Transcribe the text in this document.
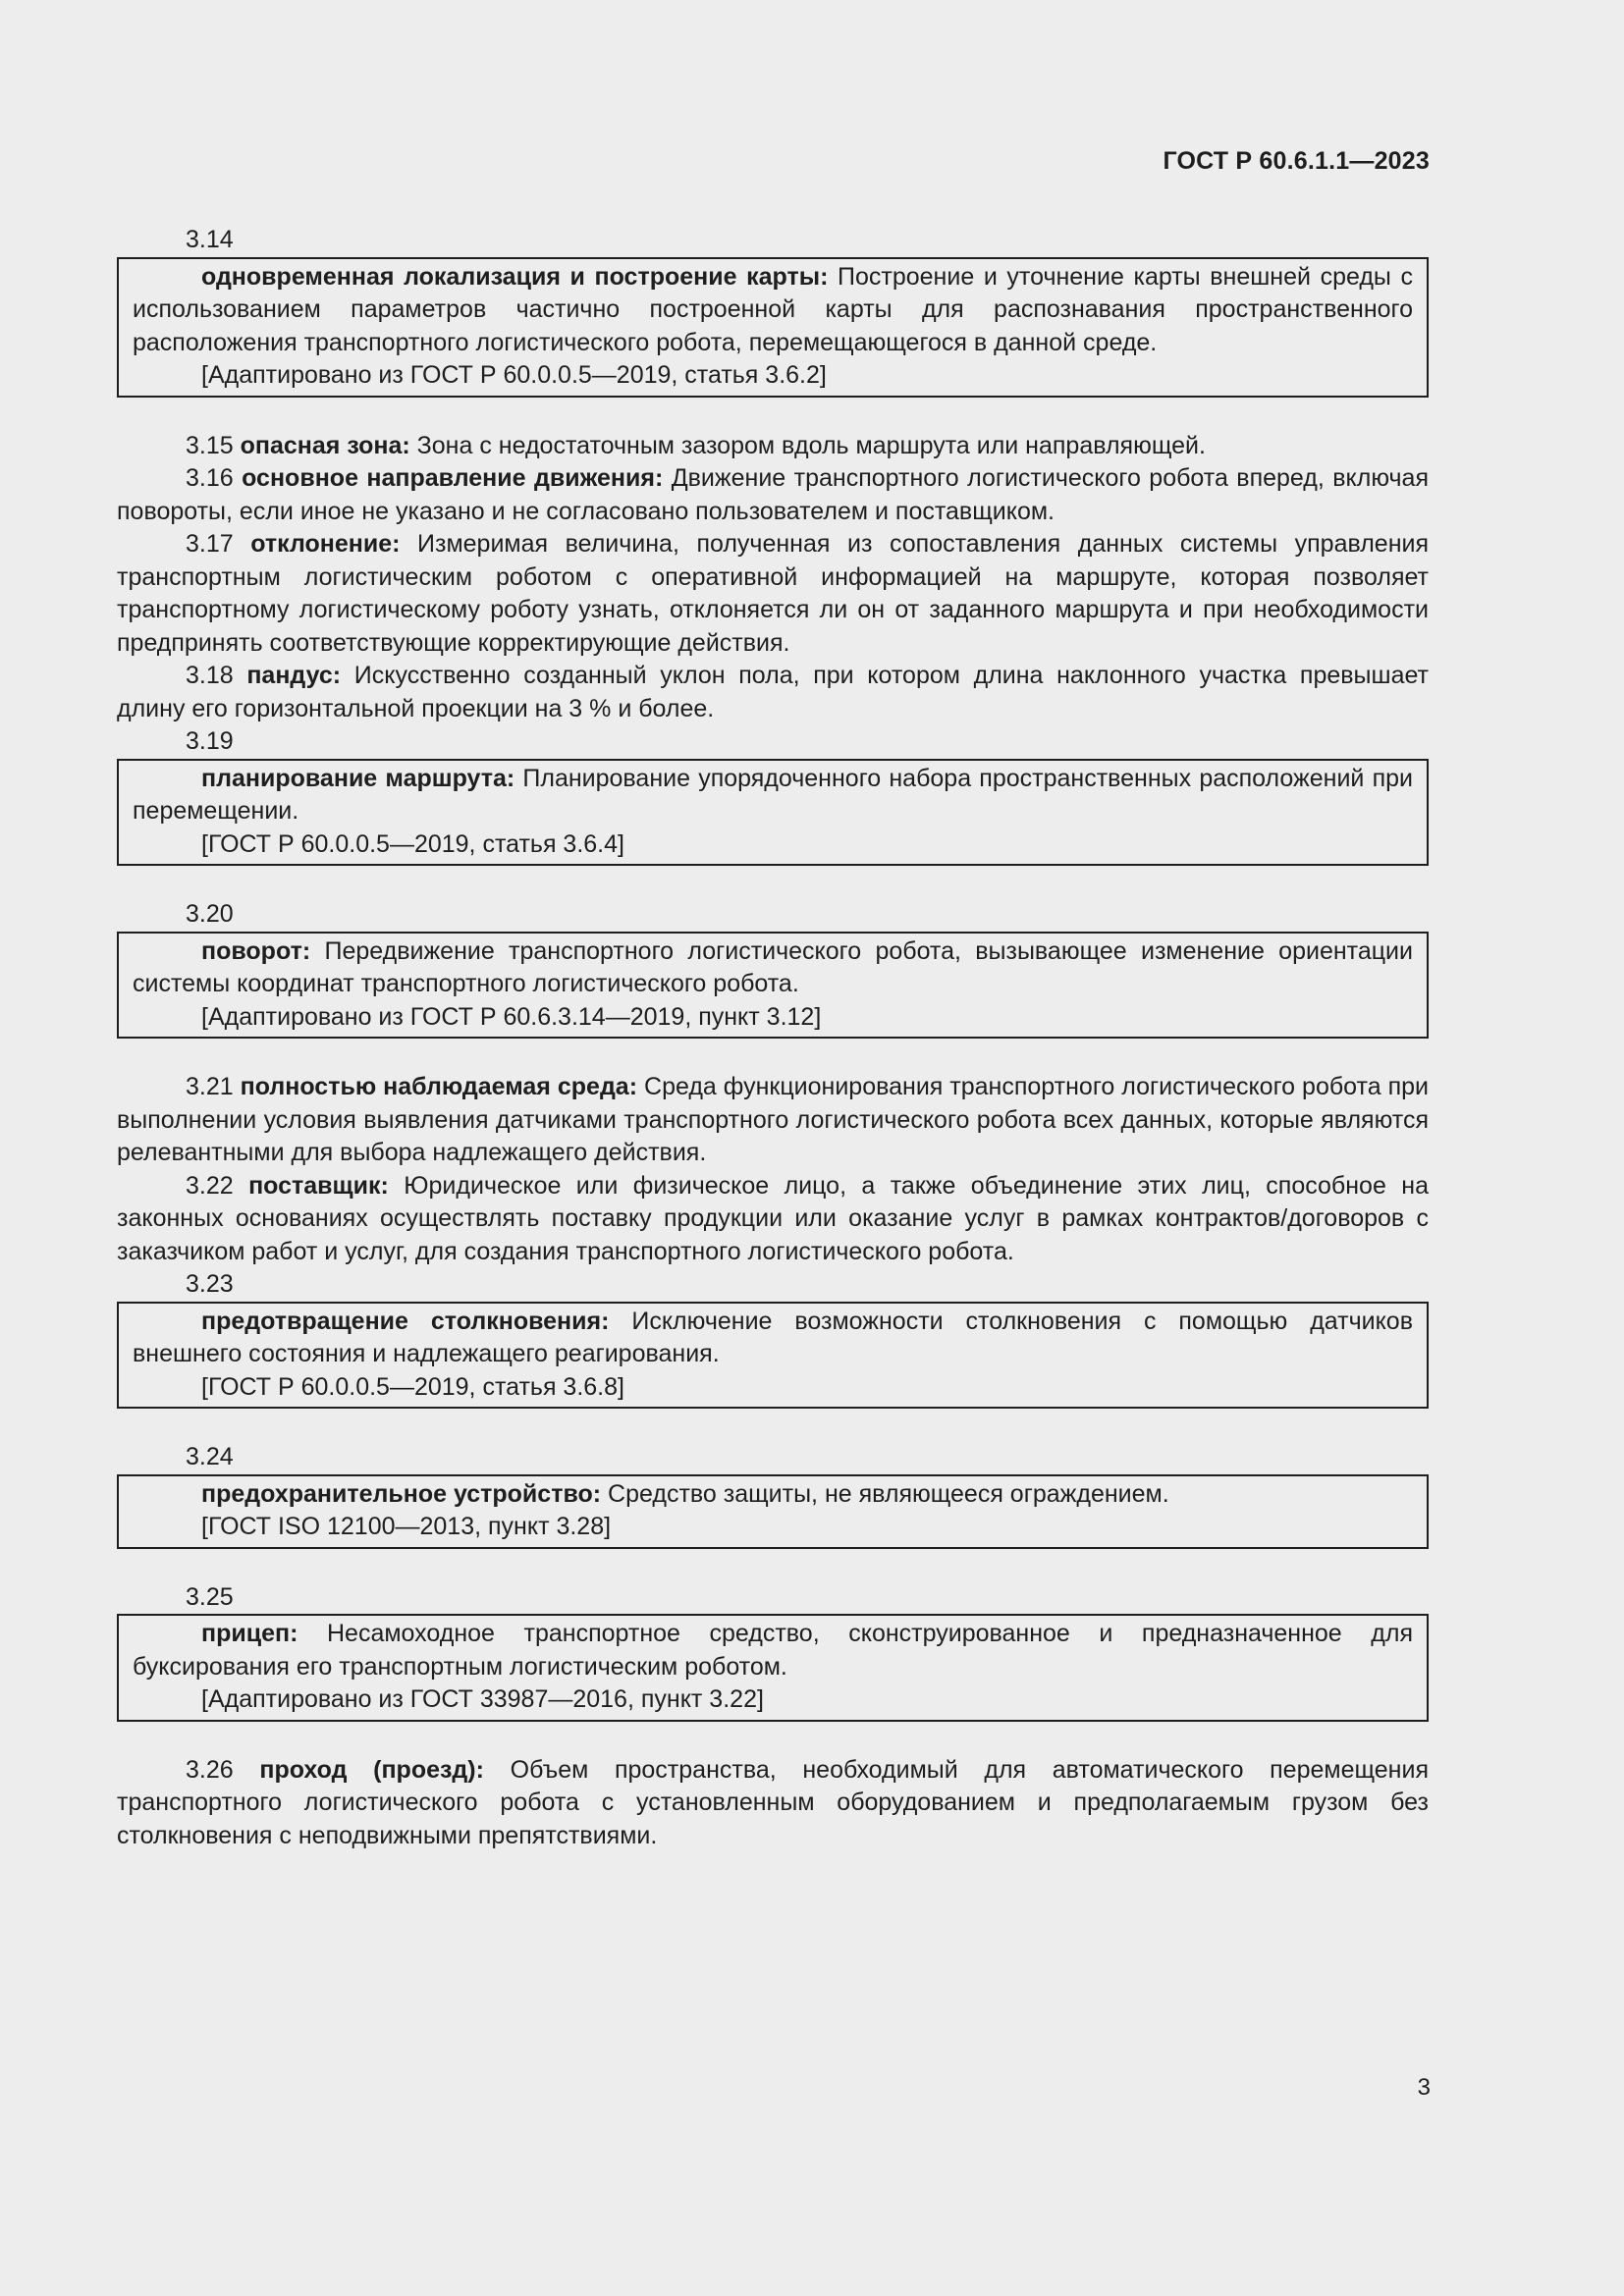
ГОСТ Р 60.6.1.1—2023
3.14

одновременная локализация и построение карты: Построение и уточнение карты внешней среды с использованием параметров частично построенной карты для распознавания пространственного расположения транспортного логистического робота, перемещающегося в данной среде.

[Адаптировано из ГОСТ Р 60.0.0.5—2019, статья 3.6.2]

3.15 опасная зона: Зона с недостаточным зазором вдоль маршрута или направляющей.

3.16 основное направление движения: Движение транспортного логистического робота вперед, включая повороты, если иное не указано и не согласовано пользователем и поставщиком.

3.17 отклонение: Измеримая величина, полученная из сопоставления данных системы управления транспортным логистическим роботом с оперативной информацией на маршруте, которая позволяет транспортному логистическому роботу узнать, отклоняется ли он от заданного маршрута и при необходимости предпринять соответствующие корректирующие действия.

3.18 пандус: Искусственно созданный уклон пола, при котором длина наклонного участка превышает длину его горизонтальной проекции на 3 % и более.

3.19

планирование маршрута: Планирование упорядоченного набора пространственных расположений при перемещении.

[ГОСТ Р 60.0.0.5—2019, статья 3.6.4]

3.20

поворот: Передвижение транспортного логистического робота, вызывающее изменение ориентации системы координат транспортного логистического робота.

[Адаптировано из ГОСТ Р 60.6.3.14—2019, пункт 3.12]

3.21 полностью наблюдаемая среда: Среда функционирования транспортного логистического робота при выполнении условия выявления датчиками транспортного логистического робота всех данных, которые являются релевантными для выбора надлежащего действия.

3.22 поставщик: Юридическое или физическое лицо, а также объединение этих лиц, способное на законных основаниях осуществлять поставку продукции или оказание услуг в рамках контрактов/договоров с заказчиком работ и услуг, для создания транспортного логистического робота.

3.23

предотвращение столкновения: Исключение возможности столкновения с помощью датчиков внешнего состояния и надлежащего реагирования.

[ГОСТ Р 60.0.0.5—2019, статья 3.6.8]

3.24

предохранительное устройство: Средство защиты, не являющееся ограждением.

[ГОСТ ISO 12100—2013, пункт 3.28]

3.25

прицеп: Несамоходное транспортное средство, сконструированное и предназначенное для буксирования его транспортным логистическим роботом.

[Адаптировано из ГОСТ 33987—2016, пункт 3.22]

3.26 проход (проезд): Объем пространства, необходимый для автоматического перемещения транспортного логистического робота с установленным оборудованием и предполагаемым грузом без столкновения с неподвижными препятствиями.

3
